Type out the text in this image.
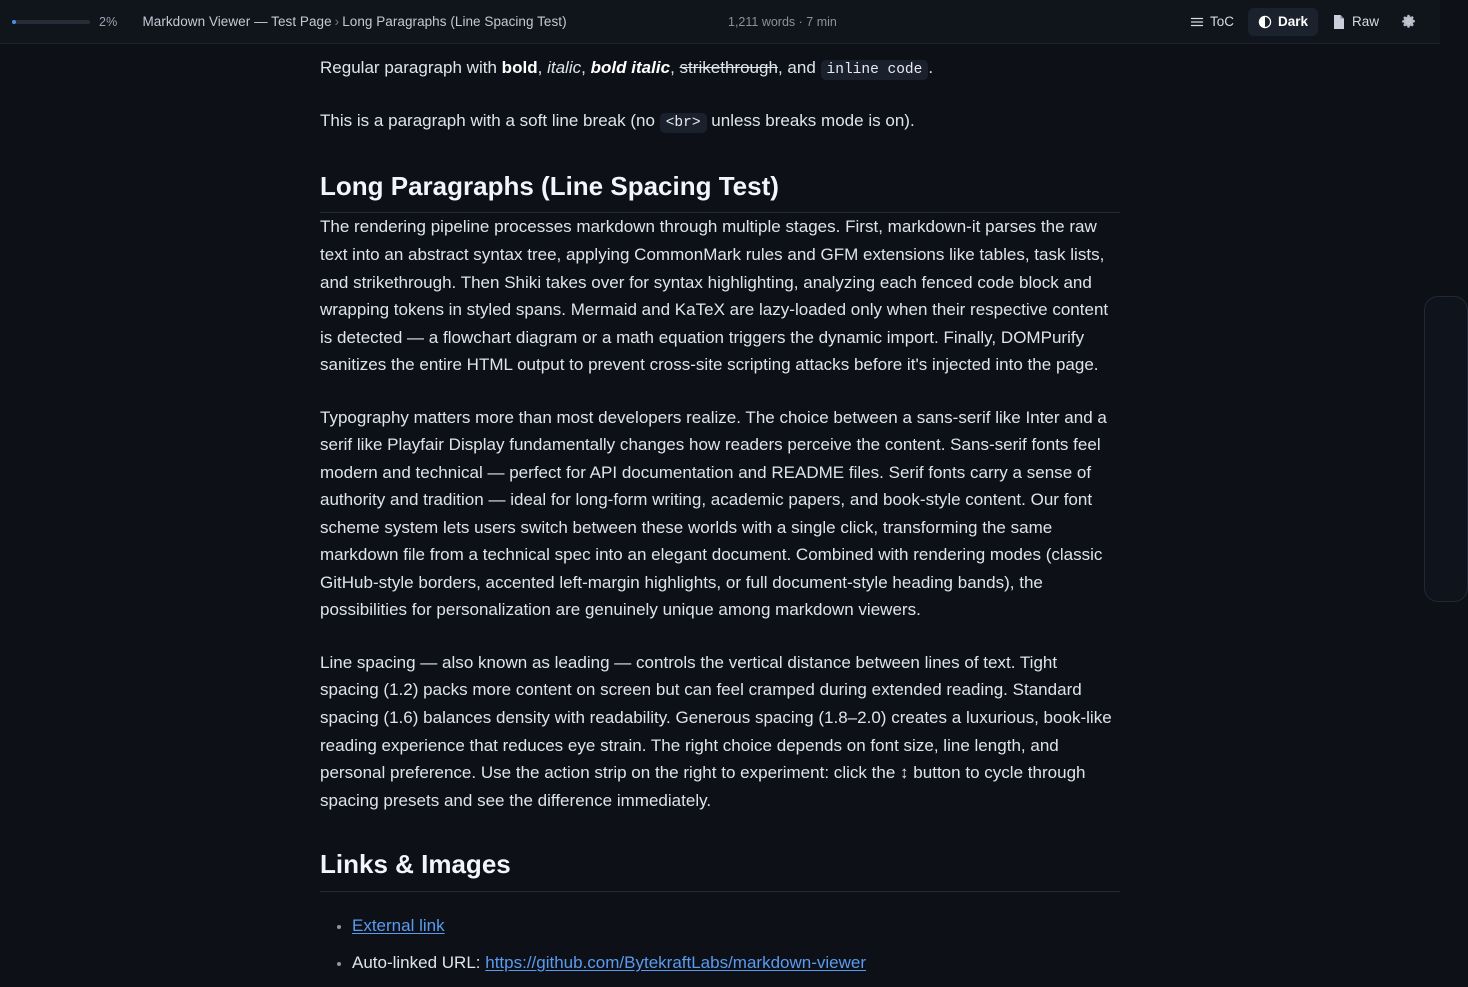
2% Markdown Viewer — Test Page › Long Paragraphs (Line Spacing Test)	1,211 words · 7 min	ToC	Dark	Raw

Regular paragraph with bold, italic, bold italic, strikethrough, and inline code .

This is a paragraph with a soft line break (no <br> unless breaks mode is on).

Long Paragraphs (Line Spacing Test)

The rendering pipeline processes markdown through multiple stages. First, markdown-it parses the raw text into an abstract syntax tree, applying CommonMark rules and GFM extensions like tables, task lists, and strikethrough. Then Shiki takes over for syntax highlighting, analyzing each fenced code block and wrapping tokens in styled spans. Mermaid and KaTeX are lazy-loaded only when their respective content is detected — a flowchart diagram or a math equation triggers the dynamic import. Finally, DOMPurify sanitizes the entire HTML output to prevent cross-site scripting attacks before it's injected into the page.

Typography matters more than most developers realize. The choice between a sans-serif like Inter and a serif like Playfair Display fundamentally changes how readers perceive the content. Sans-serif fonts feel modern and technical — perfect for API documentation and README files. Serif fonts carry a sense of authority and tradition — ideal for long-form writing, academic papers, and book-style content. Our font scheme system lets users switch between these worlds with a single click, transforming the same markdown file from a technical spec into an elegant document. Combined with rendering modes (classic GitHub-style borders, accented left-margin highlights, or full document-style heading bands), the possibilities for personalization are genuinely unique among markdown viewers.

Line spacing — also known as leading — controls the vertical distance between lines of text. Tight spacing (1.2) packs more content on screen but can feel cramped during extended reading. Standard spacing (1.6) balances density with readability. Generous spacing (1.8–2.0) creates a luxurious, book-like reading experience that reduces eye strain. The right choice depends on font size, line length, and personal preference. Use the action strip on the right to experiment: click the ↕ button to cycle through spacing presets and see the difference immediately.

Links & Images
• External link
• Auto-linked URL: https://github.com/BytekraftLabs/markdown-viewer
